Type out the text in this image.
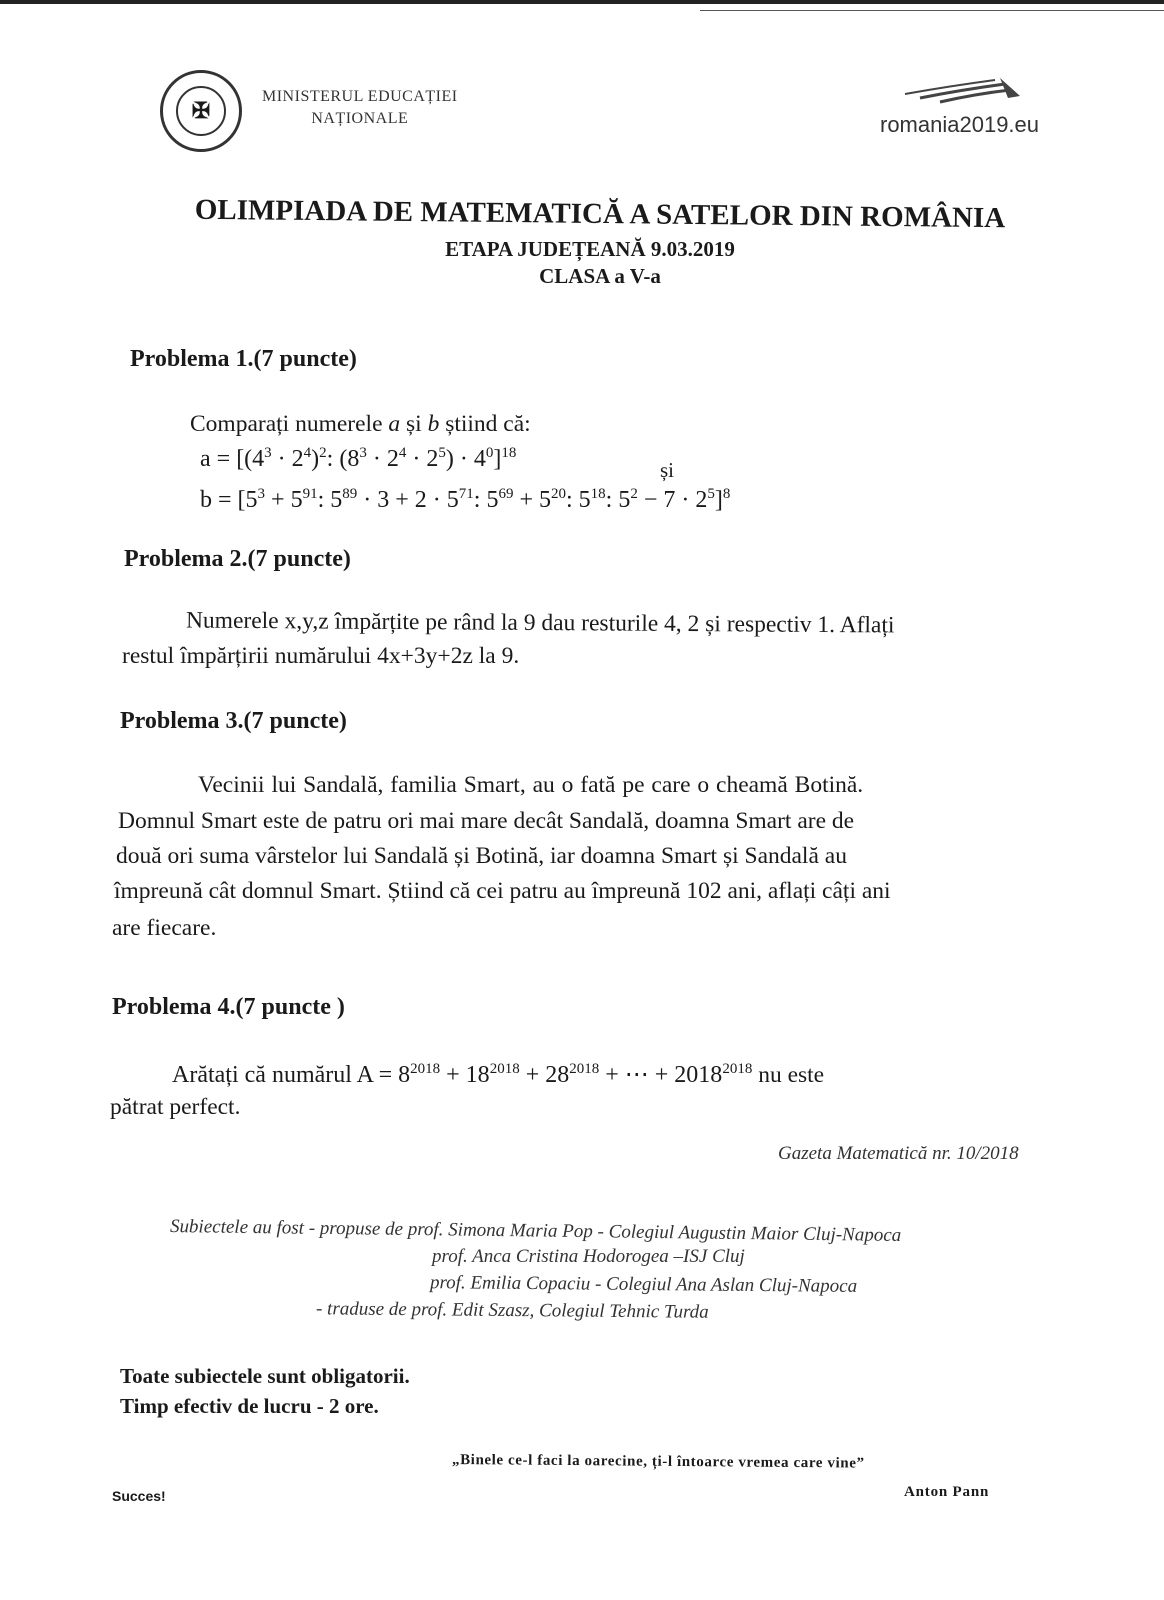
✠
MINISTERUL EDUCAȚIEI
NAȚIONALE	romania2019.eu
OLIMPIADA DE MATEMATICĂ A SATELOR DIN ROMÂNIA
ETAPA JUDEȚEANĂ 9.03.2019
CLASA a V-a
Problema 1.(7 puncte)
Comparați numerele a și b știind că:
$a = [(4^3 \cdot 2^4)^2$: $(8^3 \cdot 2^4 \cdot 2^5) \cdot 4^0]^{18}$
și
$b = [5^3 + 5^{91}$: $5^{89} \cdot 3 + 2 \cdot 5^{71}$: $5^{69} + 5^{20}$: $5^{18}$: $5^2 - 7 \cdot 2^5]^8$
Problema 2.(7 puncte)
Numerele x,y,z împărțite pe rând la 9 dau resturile 4, 2 și respectiv 1. Aflați
restul împărțirii numărului 4x+3y+2z la 9.
Problema 3.(7 puncte)
Vecinii lui Sandală, familia Smart, au o fată pe care o cheamă Botină.
Domnul Smart este de patru ori mai mare decât Sandală, doamna Smart are de
două ori suma vârstelor lui Sandală și Botină, iar doamna Smart și Sandală au
împreună cât domnul Smart. Știind că cei patru au împreună 102 ani, aflați câți ani
are fiecare.
Problema 4.(7 puncte )
Arătați că numărul $A = 8^{2018} + 18^{2018} + 28^{2018}$ + ⋯ + $2018^{2018}$ nu este
pătrat perfect.
Gazeta Matematică nr. 10/2018
Subiectele au fost - propuse de prof. Simona Maria Pop - Colegiul Augustin Maior Cluj-Napoca
prof. Anca Cristina Hodorogea –ISJ Cluj
prof. Emilia Copaciu - Colegiul Ana Aslan Cluj-Napoca
- traduse de prof. Edit Szasz, Colegiul Tehnic Turda
Toate subiectele sunt obligatorii.
Timp efectiv de lucru - 2 ore.
„Binele ce-l faci la oarecine, ți-l întoarce vremea care vine”
Anton Pann
Succes!
